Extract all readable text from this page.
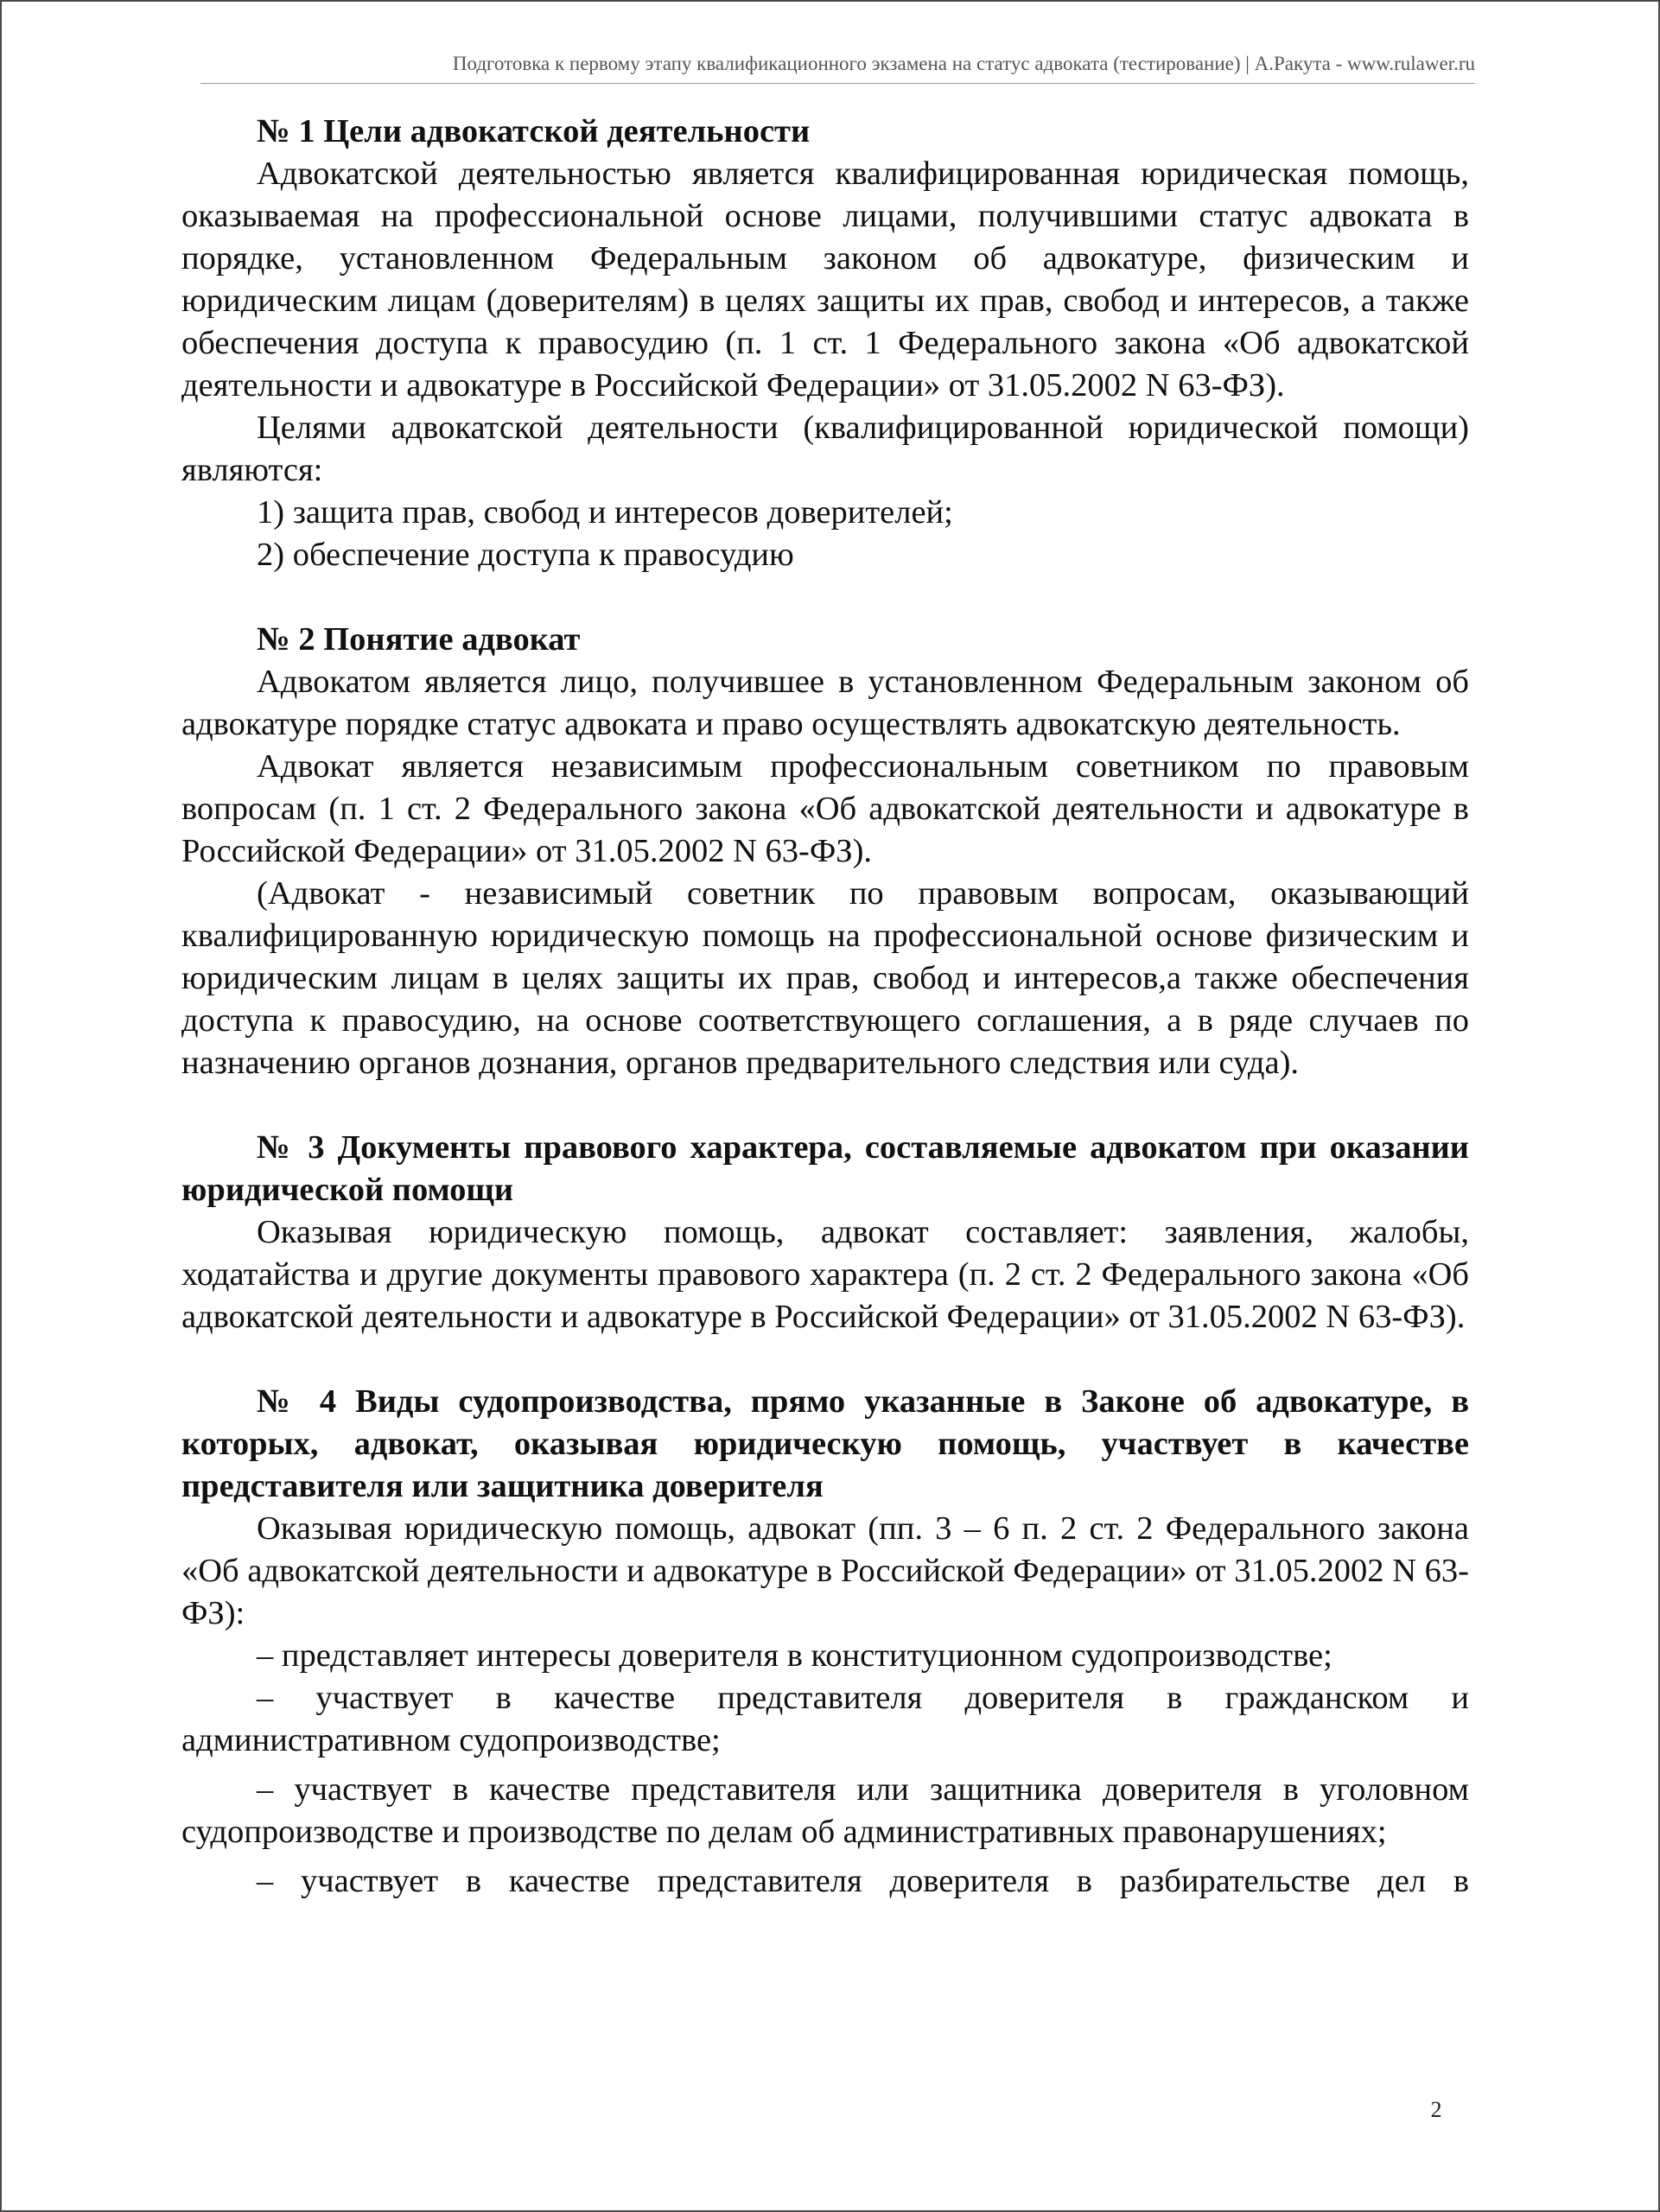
Подготовка к первому этапу квалификационного экзамена на статус адвоката (тестирование) | А.Ракута - www.rulawer.ru

№ 1 Цели адвокатской деятельности

Адвокатской деятельностью является квалифицированная юридическая помощь, оказываемая на профессиональной основе лицами, получившими статус адвоката в порядке, установленном Федеральным законом об адвокатуре, физическим и юридическим лицам (доверителям) в целях защиты их прав, свобод и интересов, а также обеспечения доступа к правосудию (п. 1 ст. 1 Федерального закона «Об адвокатской деятельности и адвокатуре в Российской Федерации» от 31.05.2002 N 63-ФЗ).

Целями адвокатской деятельности (квалифицированной юридической помощи) являются:

1) защита прав, свобод и интересов доверителей;

2) обеспечение доступа к правосудию

№ 2 Понятие адвокат

Адвокатом является лицо, получившее в установленном Федеральным законом об адвокатуре порядке статус адвоката и право осуществлять адвокатскую деятельность.

Адвокат является независимым профессиональным советником по правовым вопросам (п. 1 ст. 2 Федерального закона «Об адвокатской деятельности и адвокатуре в Российской Федерации» от 31.05.2002 N 63-ФЗ).

(Адвокат - независимый советник по правовым вопросам, оказывающий квалифицированную юридическую помощь на профессиональной основе физическим и юридическим лицам в целях защиты их прав, свобод и интересов,а также обеспечения доступа к правосудию, на основе соответствующего соглашения, а в ряде случаев по назначению органов дознания, органов предварительного следствия или суда).

№ 3 Документы правового характера, составляемые адвокатом при оказании юридической помощи

Оказывая юридическую помощь, адвокат составляет: заявления, жалобы, ходатайства и другие документы правового характера (п. 2 ст. 2 Федерального закона «Об адвокатской деятельности и адвокатуре в Российской Федерации» от 31.05.2002 N 63-ФЗ).

№ 4 Виды судопроизводства, прямо указанные в Законе об адвокатуре, в которых, адвокат, оказывая юридическую помощь, участвует в качестве представителя или защитника доверителя

Оказывая юридическую помощь, адвокат (пп. 3 – 6 п. 2 ст. 2 Федерального закона «Об адвокатской деятельности и адвокатуре в Российской Федерации» от 31.05.2002 N 63-ФЗ):

– представляет интересы доверителя в конституционном судопроизводстве;

– участвует в качестве представителя доверителя в гражданском и административном судопроизводстве;

– участвует в качестве представителя или защитника доверителя в уголовном судопроизводстве и производстве по делам об административных правонарушениях;

– участвует в качестве представителя доверителя в разбирательстве дел в

2
